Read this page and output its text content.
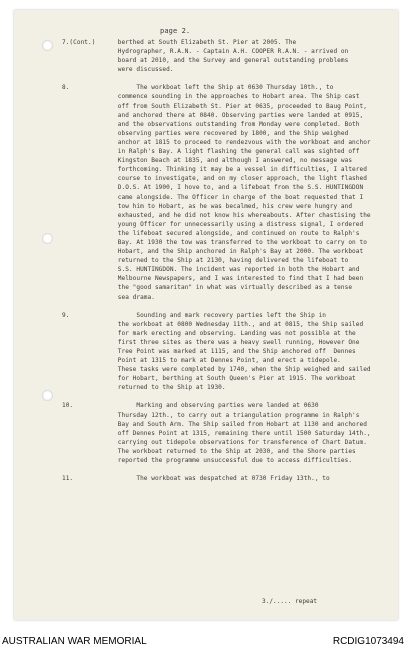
page 2.
7.(Cont.)      berthed at South Elizabeth St. Pier at 2005. The
Hydrographer, R.A.N. - Captain A.H. COOPER R.A.N. - arrived on
board at 2010, and the Survey and general outstanding problems
were discussed.
8.                  The workboat left the Ship at 0630 Thursday 10th., to
commence sounding in the approaches to Hobart area. The Ship cast
off from South Elizabeth St. Pier at 0635, proceeded to Baug Point,
and anchored there at 0840. Observing parties were landed at 0915,
and the observations outstanding from Monday were completed. Both
observing parties were recovered by 1800, and the Ship weighed
anchor at 1815 to proceed to rendezvous with the workboat and anchor
in Ralph's Bay. A light flashing the general call was sighted off
Kingston Beach at 1835, and although I answered, no message was
forthcoming. Thinking it may be a vessel in difficulties, I altered
course to investigate, and on my closer approach, the light flashed
D.O.S. At 1900, I hove to, and a lifeboat from the S.S. HUNTINGDON
came alongside. The Officer in charge of the boat requested that I
tow him to Hobart, as he was becalmed, his crew were hungry and
exhausted, and he did not know his whereabouts. After chastising the
young Officer for unnecessarily using a distress signal, I ordered
the lifeboat secured alongside, and continued on route to Ralph's
Bay. At 1930 the tow was transferred to the workboat to carry on to
Hobart, and the Ship anchored in Ralph's Bay at 2000. The workboat
returned to the Ship at 2130, having delivered the lifeboat to
S.S. HUNTINGDON. The incident was reported in both the Hobart and
Melbourne Newspapers, and I was interested to find that I had been
the "good samaritan" in what was virtually described as a tense
sea drama.
9.                  Sounding and mark recovery parties left the Ship in
the workboat at 0800 Wednesday 11th., and at 0815, the Ship sailed
for mark erecting and observing. Landing was not possible at the
first three sites as there was a heavy swell running, However One
Tree Point was marked at 1115, and the Ship anchored off  Dennes
Point at 1315 to mark at Dennes Point, and erect a tidepole.
These tasks were completed by 1740, when the Ship weighed and sailed
for Hobart, berthing at South Queen's Pier at 1915. The workboat
returned to the Ship at 1930.
10.                 Marking and observing parties were landed at 0630
Thursday 12th., to carry out a triangulation programme in Ralph's
Bay and South Arm. The Ship sailed from Hobart at 1130 and anchored
off Dennes Point at 1315, remaining there until 1500 Saturday 14th.,
carrying out tidepole observations for transference of Chart Datum.
The workboat returned to the Ship at 2030, and the Shore parties
reported the programme unsuccessful due to access difficulties.
11.                 The workboat was despatched at 0730 Friday 13th., to
3./..... repeat
AUSTRALIAN WAR MEMORIAL	RCDIG1073494
